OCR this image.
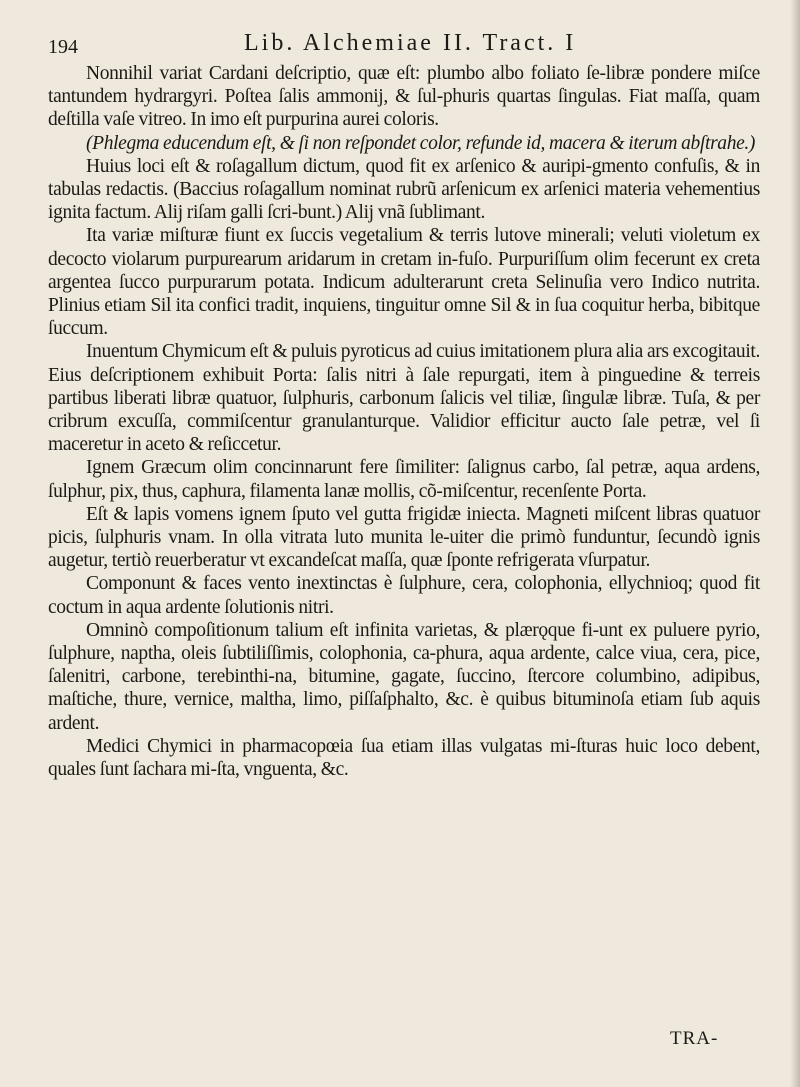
194	Lib. Alchemiae II. Tract. I

Nonnihil variat Cardani deſcriptio, quæ eſt: plumbo albo foliato ſe-libræ pondere miſce tantundem hydrargyri. Poſtea ſalis ammonij, & ſul-phuris quartas ſingulas. Fiat maſſa, quam deſtilla vaſe vitreo. In imo eſt purpurina aurei coloris.

(Phlegma educendum eſt, & ſi non reſpondet color, refunde id, macera & iterum abſtrahe.)

Huius loci eſt & roſagallum dictum, quod fit ex arſenico & auripi-gmento confuſis, & in tabulas redactis. (Baccius roſagallum nominat rubrũ arſenicum ex arſenici materia vehementius ignita factum. Alij riſam galli ſcri-bunt.) Alij vnã ſublimant.

Ita variæ miſturæ fiunt ex ſuccis vegetalium & terris lutove minerali; veluti violetum ex decocto violarum purpurearum aridarum in cretam in-fuſo. Purpuriſſum olim fecerunt ex creta argentea ſucco purpurarum potata. Indicum adulterarunt creta Selinuſia vero Indico nutrita. Plinius etiam Sil ita confici tradit, inquiens, tinguitur omne Sil & in ſua coquitur herba, bibitque ſuccum.

Inuentum Chymicum eſt & puluis pyroticus ad cuius imitationem plura alia ars excogitauit. Eius deſcriptionem exhibuit Porta: ſalis nitri à ſale repurgati, item à pinguedine & terreis partibus liberati libræ quatuor, ſulphuris, carbonum ſalicis vel tiliæ, ſingulæ libræ. Tuſa, & per cribrum excuſſa, commiſcentur granulanturque. Validior efficitur aucto ſale petræ, vel ſi maceretur in aceto & reſiccetur.

Ignem Græcum olim concinnarunt fere ſimiliter: ſalignus carbo, ſal petræ, aqua ardens, ſulphur, pix, thus, caphura, filamenta lanæ mollis, cõ-miſcentur, recenſente Porta.

Eſt & lapis vomens ignem ſputo vel gutta frigidæ iniecta. Magneti miſcent libras quatuor picis, ſulphuris vnam. In olla vitrata luto munita le-uiter die primò funduntur, ſecundò ignis augetur, tertiò reuerberatur vt excandeſcat maſſa, quæ ſponte refrigerata vſurpatur.

Componunt & faces vento inextinctas è ſulphure, cera, colophonia, ellychnioq; quod fit coctum in aqua ardente ſolutionis nitri.

Omninò compoſitionum talium eſt infinita varietas, & plærǫque fi-unt ex puluere pyrio, ſulphure, naptha, oleis ſubtiliſſimis, colophonia, ca-phura, aqua ardente, calce viua, cera, pice, ſalenitri, carbone, terebinthi-na, bitumine, gagate, ſuccino, ſtercore columbino, adipibus, maſtiche, thure, vernice, maltha, limo, piſſaſphalto, &c. è quibus bituminoſa etiam ſub aquis ardent.

Medici Chymici in pharmacopœia ſua etiam illas vulgatas mi-ſturas huic loco debent, quales ſunt ſachara mi-ſta, vnguenta, &c.

TRA-
